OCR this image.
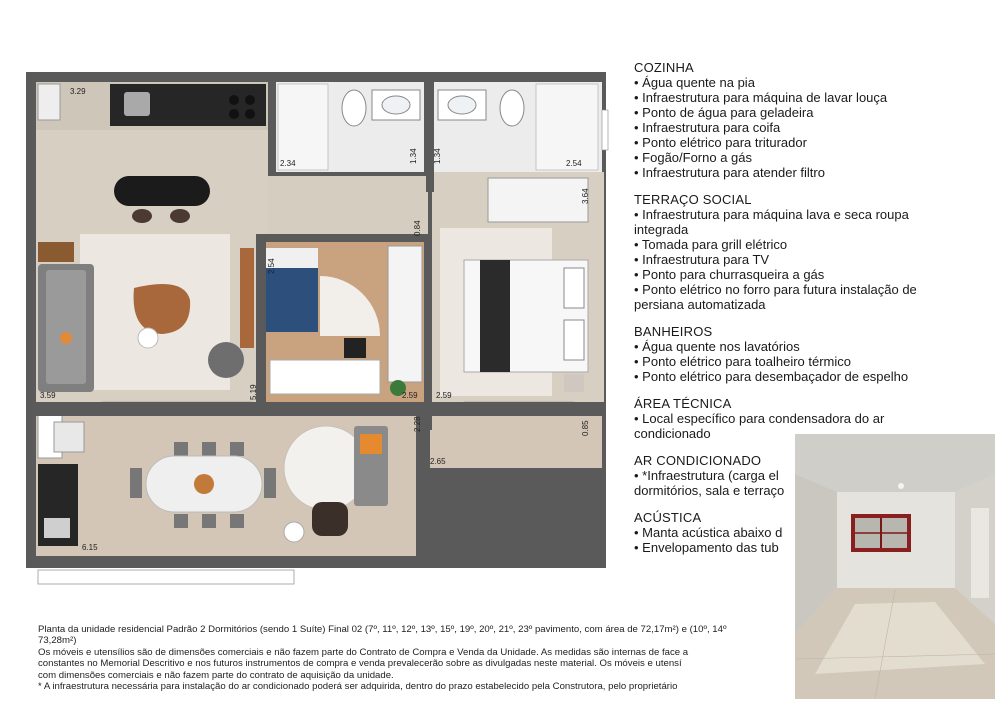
3.29
2.34	1.34 1.34	2.54
3.64
0.84
2.54
3.59	5.19	2.59 2.59
2.28	0.85
2.65
6.15
COZINHA
• Água quente na pia
• Infraestrutura para máquina de lavar louça
• Ponto de água para geladeira
• Infraestrutura para coifa
• Ponto elétrico para triturador
• Fogão/Forno a gás
• Infraestrutura para atender filtro
TERRAÇO SOCIAL
• Infraestrutura para máquina lava e seca roupa
integrada
• Tomada para grill elétrico
• Infraestrutura para TV
• Ponto para churrasqueira a gás
• Ponto elétrico no forro para futura instalação de
persiana automatizada
BANHEIROS
• Água quente nos lavatórios
• Ponto elétrico para toalheiro térmico
• Ponto elétrico para desembaçador de espelho
ÁREA TÉCNICA
• Local específico para condensadora do ar
condicionado
AR CONDICIONADO
• *Infraestrutura (carga el
dormitórios, sala e terraço
ACÚSTICA
• Manta acústica abaixo d
• Envelopamento das tub
Planta da unidade residencial Padrão 2 Dormitórios (sendo 1 Suíte) Final 02 (7º, 11º, 12º, 13º, 15º, 19º, 20º, 21º, 23º pavimento, com área de 72,17m²) e (10º, 14º
73,28m²)
Os móveis e utensílios são de dimensões comerciais e não fazem parte do Contrato de Compra e Venda da Unidade. As medidas são internas de face a
constantes no Memorial Descritivo e nos futuros instrumentos de compra e venda prevalecerão sobre as divulgadas neste material. Os móveis e utensí
com dimensões comerciais e não fazem parte do contrato de aquisição da unidade.
* A infraestrutura necessária para instalação do ar condicionado poderá ser adquirida, dentro do prazo estabelecido pela Construtora, pelo proprietário
